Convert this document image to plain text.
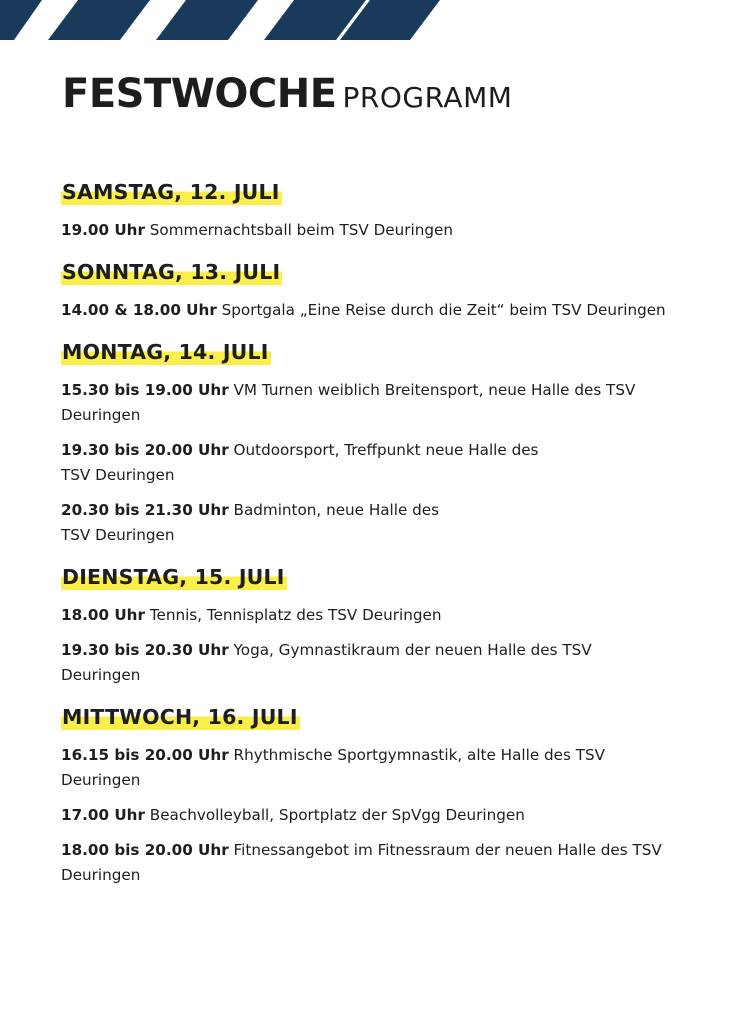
FESTWOCHE PROGRAMM
SAMSTAG, 12. JULI

19.00 Uhr Sommernachtsball beim TSV Deuringen

SONNTAG, 13. JULI

14.00 & 18.00 Uhr Sportgala „Eine Reise durch die Zeit“ beim TSV Deuringen

MONTAG, 14. JULI

15.30 bis 19.00 Uhr VM Turnen weiblich Breitensport, neue Halle des TSV Deuringen

19.30 bis 20.00 Uhr Outdoorsport, Treffpunkt neue Halle des
TSV Deuringen

20.30 bis 21.30 Uhr Badminton, neue Halle des
TSV Deuringen

DIENSTAG, 15. JULI

18.00 Uhr Tennis, Tennisplatz des TSV Deuringen

19.30 bis 20.30 Uhr Yoga, Gymnastikraum der neuen Halle des TSV Deuringen

MITTWOCH, 16. JULI

16.15 bis 20.00 Uhr Rhythmische Sportgymnastik, alte Halle des TSV Deuringen

17.00 Uhr Beachvolleyball, Sportplatz der SpVgg Deuringen

18.00 bis 20.00 Uhr Fitnessangebot im Fitnessraum der neuen Halle des TSV Deuringen
